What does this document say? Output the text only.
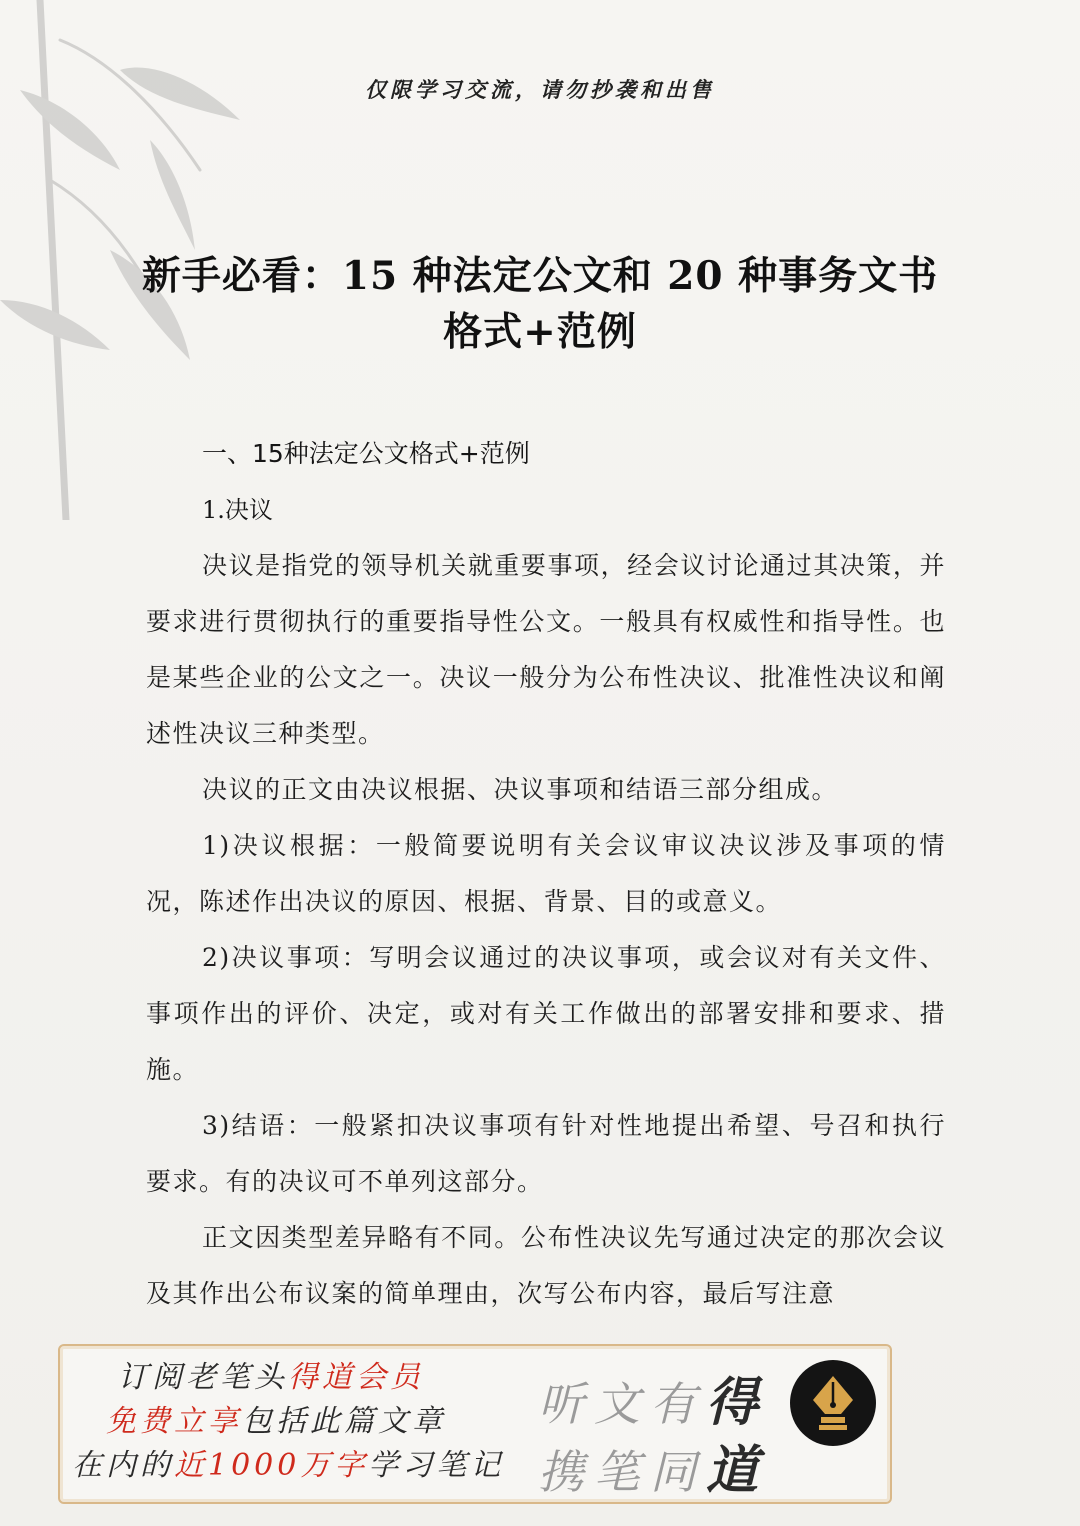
仅限学习交流，请勿抄袭和出售
新手必看：15 种法定公文和 20 种事务文书
格式+范例
一、15种法定公文格式+范例
1.决议

决议是指党的领导机关就重要事项，经会议讨论通过其决策，并要求进行贯彻执行的重要指导性公文。一般具有权威性和指导性。也是某些企业的公文之一。决议一般分为公布性决议、批准性决议和阐述性决议三种类型。

决议的正文由决议根据、决议事项和结语三部分组成。

1)决议根据：一般简要说明有关会议审议决议涉及事项的情况，陈述作出决议的原因、根据、背景、目的或意义。

2)决议事项：写明会议通过的决议事项，或会议对有关文件、事项作出的评价、决定，或对有关工作做出的部署安排和要求、措施。

3)结语：一般紧扣决议事项有针对性地提出希望、号召和执行要求。有的决议可不单列这部分。

正文因类型差异略有不同。公布性决议先写通过决定的那次会议及其作出公布议案的简单理由，次写公布内容，最后写注意

订阅老笔头得道会员
免费立享包括此篇文章
在内的近1000万字学习笔记
听文有得
携笔同道
